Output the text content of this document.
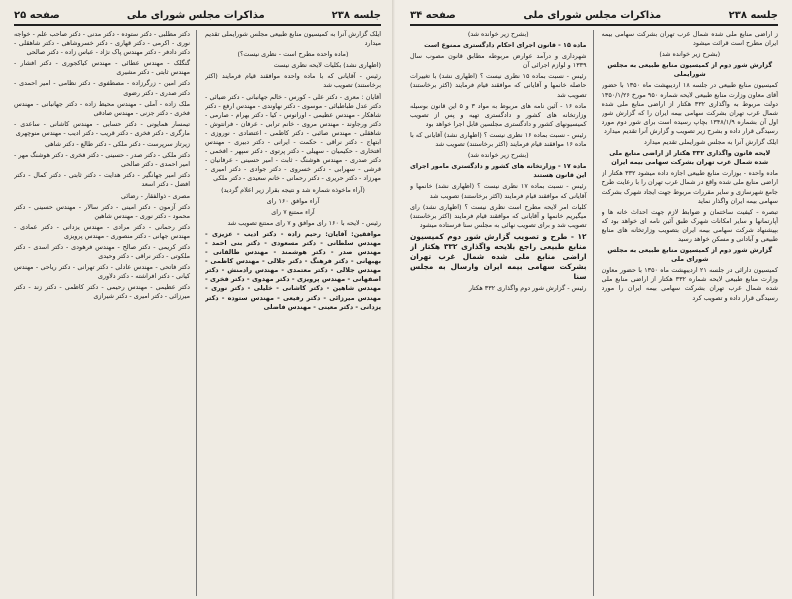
جلسه ۲۳۸
مذاکرات مجلس شورای ملی
صفحه ۲۵

ایلک گزارش آنرا به کمیسیون منابع طبیعی مجلس شورایملی تقدیم میدارد

(ماده واحده مطرح است - نظری نیست؟)

(اظهاری نشد) بکلیات لایحه نظری نیست

رئیس - آقایانی که با ماده واحده موافقند قیام فرمایند (اکثر برخاستند) تصویب شد

آقایان : معری - دکتر علی - کورس - خالم جهانبانی - دکتر ضیائی - دکتر عدل طباطبائی - موسوی - دکتر نهاوندی - مهندس ارفع - دکتر شاهکار - مهندس عظیمی - اورانوس - کیا - دکتر بهرام - صارمی - دکتر ورجاوند - مهندس مروی - خانم ترابی - عرفان - فرانتوش - شاهقلی - مهندس صائبی - دکتر کاظمی - اعتضادی - نوروزی - ابتهاج - دکتر نراقی - حکمت - ایرانی - دکتر دبیری - مهندس افتخاری - حکیمیان - سهیلی - دکتر پرتوی - دکتر سپهر - افخمی - دکتر صدری - مهندس هوشنگ - ثابت - امیر حسینی - عرفانیان - قرشی - سهرابی - دکتر خسروی - دکتر جوادی - دکتر امیری - مهرزاد - دکتر حریری - دکتر رحمانی - خانم سعیدی - دکتر ملکی

(آراء ماخوذه شماره شد و نتیجه بقرار زیر اعلام گردید)

آراء موافق ۱۶۰ رای

آراء ممتنع ۷ رای

رئیس - لایحه با ۱۶۰ رای موافق و ۷ رای ممتنع تصویب شد

موافقین: آقایان: رحیم زاده - دکتر ادیب - عزیزی - مهندس سلطانی - دکتر مسعودی - دکتر بنی احمد - مهندس صدر - دکتر هوشمند - مهندس طالقانی - بهبهانی - دکتر فرهنگ - دکتر جلالی - مهندس کاظمی - مهندس جلالی - دکتر معتمدی - مهندس رادمنش - دکتر اصفهانی - مهندس پرویزی - دکتر مهدوی - دکتر فخری - مهندس شاهین - دکتر کاشانی - خلیلی - دکتر نوری - مهندس میرزائی - دکتر رفیعی - مهندس ستوده - دکتر یزدانی - دکتر معینی - مهندس فاضلی

دکتر مطلبی - دکتر ستوده - دکتر مدنی - دکتر صاحب علم - خواجه نوری - اکرمی - دکتر قهاری - دکتر خسروشاهی - دکتر شاهقلی - دکتر دادفر - دکتر مهندس پاک نژاد - عباس زاده - دکتر صالحی

گنگلک - مهندس عطائی - مهندس کیاکجوری - دکتر افشار - مهندس ثابتی - دکتر مشیری

دکتر امین - زرگرزاده - مصطفوی - دکتر نظامی - امیر احمدی - دکتر صدری - دکتر رضوی

ملک زاده - آملی - مهندس محیط زاده - دکتر جهانبانی - مهندس فخری - دکتر جزنی - مهندس صادقی

تیمسار همایونی - دکتر حسابی - مهندس کاشانی - ساعدی - مارگری - دکتر فخری - دکتر قریب - دکتر ادیب - مهندس منوچهری

زیرتاز سرپرست - دکتر ملکی - دکتر طالع - دکتر شاهی

دکتر ملکی - دکتر صدر - حسینی - دکتر فخری - دکتر هوشنگ مهر - امیر احمدی - دکتر صالحی

دکتر امیر جهانگیر - دکتر هدایت - دکتر ثابتی - دکتر کمال - دکتر افضل - دکتر اسعد

مصری - ذوالفقار - رضائی

دکتر آزمون - دکتر امینی - دکتر سالار - مهندس حسینی - دکتر محمود - دکتر نوری - مهندس شاهین

دکتر رحمانی - دکتر مرادی - مهندس یزدانی - دکتر عمادی - مهندس جهانی - دکتر منصوری - مهندس پرویزی

دکتر کریمی - دکتر صالح - مهندس فرهودی - دکتر اسدی - دکتر ملکوتی - دکتر نراقی - دکتر وحیدی

دکتر فاتحی - مهندس عادلی - دکتر تهرانی - دکتر ریاحی - مهندس کیانی - دکتر افراشته - دکتر دلاوری

دکتر عظیمی - مهندس رحیمی - دکتر کاظمی - دکتر زند - دکتر میرزائی - دکتر امیری - دکتر شیرازی

جلسه ۲۳۸
مذاکرات مجلس شورای ملی
صفحه ۳۴

ز اراضی منابع ملی شده شمال غرب تهران بشرکت سهامی بیمه ایران مطرح است قرائت میشود

(بشرح زیر خوانده شد)

گزارش شور دوم از کمیسیون منابع طبیعی به مجلس شورایملی

کمیسیون منابع طبیعی در جلسه ۱۸ اردیبهشت ماه ۱۳۵۰ با حضور آقای معاون وزارت منابع طبیعی لایحه شماره ۹۵۰ مورخ ۱۳۵۰/۱/۲۶ دولت مربوط به واگذاری ۳۳۲ هکتار از اراضی منابع ملی شده شمال غرب تهران بشرکت سهامی بیمه ایران را که گزارش شور اول آن بشماره ۱۳۴۸/۱/۹ بچاپ رسیده است برای شور دوم مورد رسیدگی قرار داده و بشرح زیر تصویب و گزارش آنرا تقدیم میدارد

ایلک گزارش آنرا به مجلس شورایملی تقدیم میدارد

لایحه قانون واگذاری ۳۳۲ هکتار از اراضی منابع ملی شده شمال غرب تهران بشرکت سهامی بیمه ایران

ماده واحده - بوزارت منابع طبیعی اجازه داده میشود ۳۳۲ هکتار از اراضی منابع ملی شده واقع در شمال غرب تهران را با رعایت طرح جامع شهرسازی و سایر مقررات مربوط جهت ایجاد شهرک بشرکت سهامی بیمه ایران واگذار نماید

تبصره - کیفیت ساختمان و ضوابط لازم جهت احداث خانه ها و آپارتمانها و سایر امکانات شهرک طبق آئین نامه ای خواهد بود که بپیشنهاد شرکت سهامی بیمه ایران بتصویب وزارتخانه های منابع طبیعی و آبادانی و مسکن خواهد رسید

گزارش شور دوم از کمیسیون منابع طبیعی به مجلس شورای ملی

کمیسیون دارائی در جلسه ۲۱ اردیبهشت ماه ۱۳۵۰ با حضور معاون وزارت منابع طبیعی لایحه شماره ۳۳۲ هکتار از اراضی منابع ملی شده شمال غرب تهران بشرکت سهامی بیمه ایران را مورد رسیدگی قرار داده و تصویب کرد

(بشرح زیر خوانده شد)

ماده ۱۵ - قانون اجرای احکام دادگستری ممنوع است

شهرداری و درآمد عوارض مربوطه مطابق قانون مصوب سال ۱۳۳۹ و لوازم اجرائی آن

رئیس - نسبت بماده ۱۵ نظری نیست ؟ (اظهاری نشد) با تغییرات حاصله خانمها و آقایانی که موافقند قیام فرمایند (اکثر برخاستند) تصویب شد

ماده ۱۶ - آئین نامه های مربوط به مواد ۳ و ۵ این قانون بوسیله وزارتخانه های کشور و دادگستری تهیه و پس از تصویب کمیسیونهای کشور و دادگستری مجلسین قابل اجرا خواهد بود

رئیس - نسبت بماده ۱۶ نظری نیست ؟ (اظهاری نشد) آقایانی که با ماده ۱۶ موافقند قیام فرمایند (اکثر برخاستند) تصویب شد

(بشرح زیر خوانده شد)

ماده ۱۷ - وزارتخانه های کشور و دادگستری مامور اجرای این قانون هستند

رئیس - نسبت بماده ۱۷ نظری نیست ؟ (اظهاری نشد) خانمها و آقایانی که موافقند قیام فرمایند (اکثر برخاستند) تصویب شد

کلیات امر لایحه مطرح است نظری نیست ؟ (اظهاری نشد) رای میگیریم خانمها و آقایانی که موافقند قیام فرمایند (اکثر برخاستند) تصویب شد و برای تصویب نهائی به مجلس سنا فرستاده میشود

۱۲ - طرح و تصویب گزارش شور دوم کمیسیون منابع طبیعی راجع بلایحه واگذاری ۳۳۲ هکتار از اراضی منابع ملی شده شمال غرب تهران بشرکت سهامی بیمه ایران وارسال به مجلس سنا

رئیس - گزارش شور دوم واگذاری ۳۳۲ هکتار
